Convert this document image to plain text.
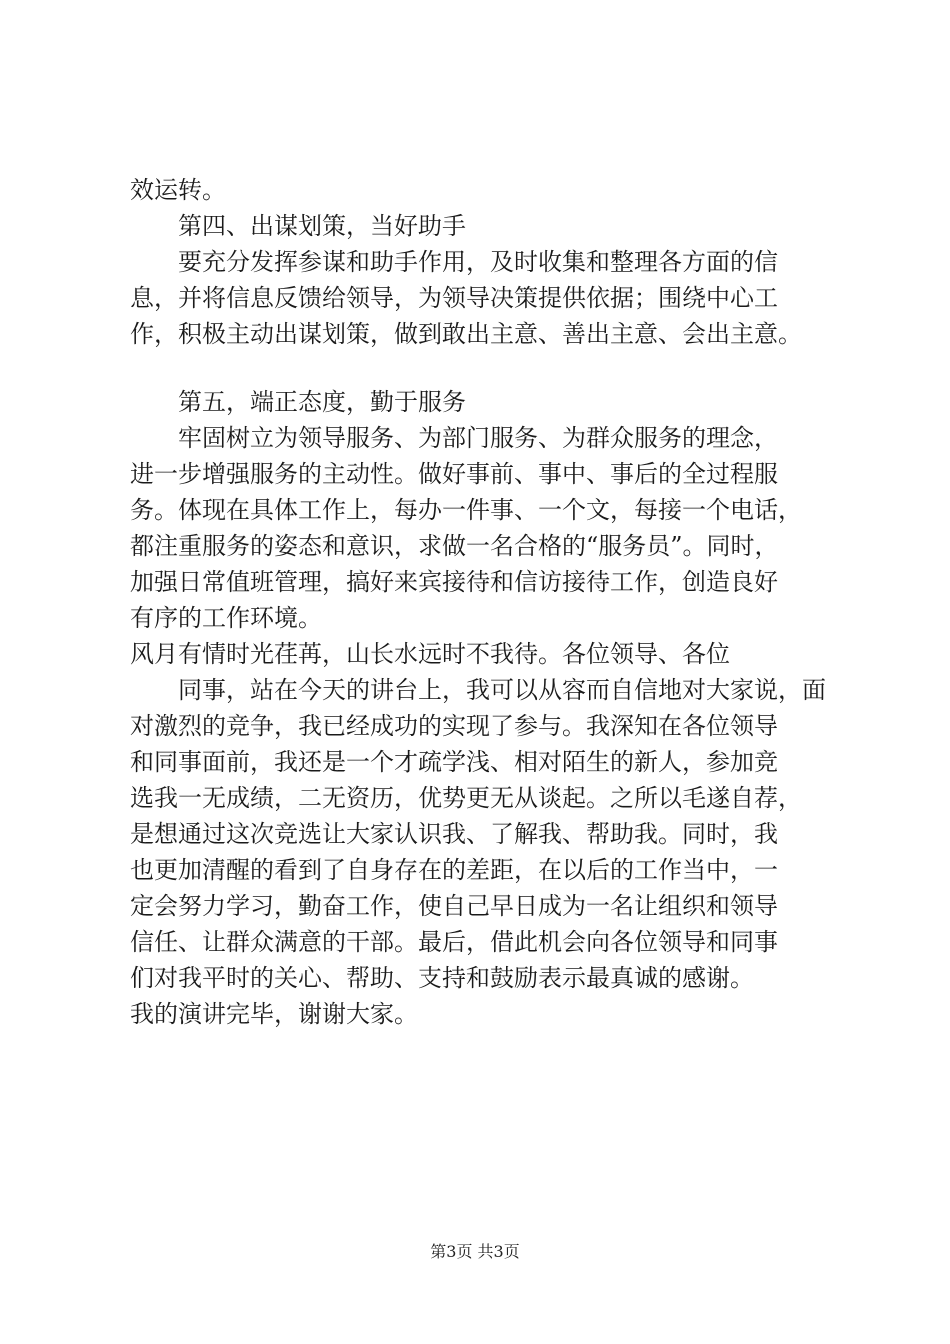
效运转。
第四、出谋划策，当好助手
要充分发挥参谋和助手作用，及时收集和整理各方面的信
息，并将信息反馈给领导，为领导决策提供依据；围绕中心工
作，积极主动出谋划策，做到敢出主意、善出主意、会出主意。
第五，端正态度，勤于服务
牢固树立为领导服务、为部门服务、为群众服务的理念，
进一步增强服务的主动性。做好事前、事中、事后的全过程服
务。体现在具体工作上，每办一件事、一个文，每接一个电话，
都注重服务的姿态和意识，求做一名合格的“服务员”。同时，
加强日常值班管理，搞好来宾接待和信访接待工作，创造良好
有序的工作环境。
风月有情时光荏苒，山长水远时不我待。各位领导、各位
同事，站在今天的讲台上，我可以从容而自信地对大家说，面
对激烈的竞争，我已经成功的实现了参与。我深知在各位领导
和同事面前，我还是一个才疏学浅、相对陌生的新人，参加竞
选我一无成绩，二无资历，优势更无从谈起。之所以毛遂自荐，
是想通过这次竞选让大家认识我、了解我、帮助我。同时，我
也更加清醒的看到了自身存在的差距，在以后的工作当中，一
定会努力学习，勤奋工作，使自己早日成为一名让组织和领导
信任、让群众满意的干部。最后，借此机会向各位领导和同事
们对我平时的关心、帮助、支持和鼓励表示最真诚的感谢。
我的演讲完毕，谢谢大家。
第3页 共3页
